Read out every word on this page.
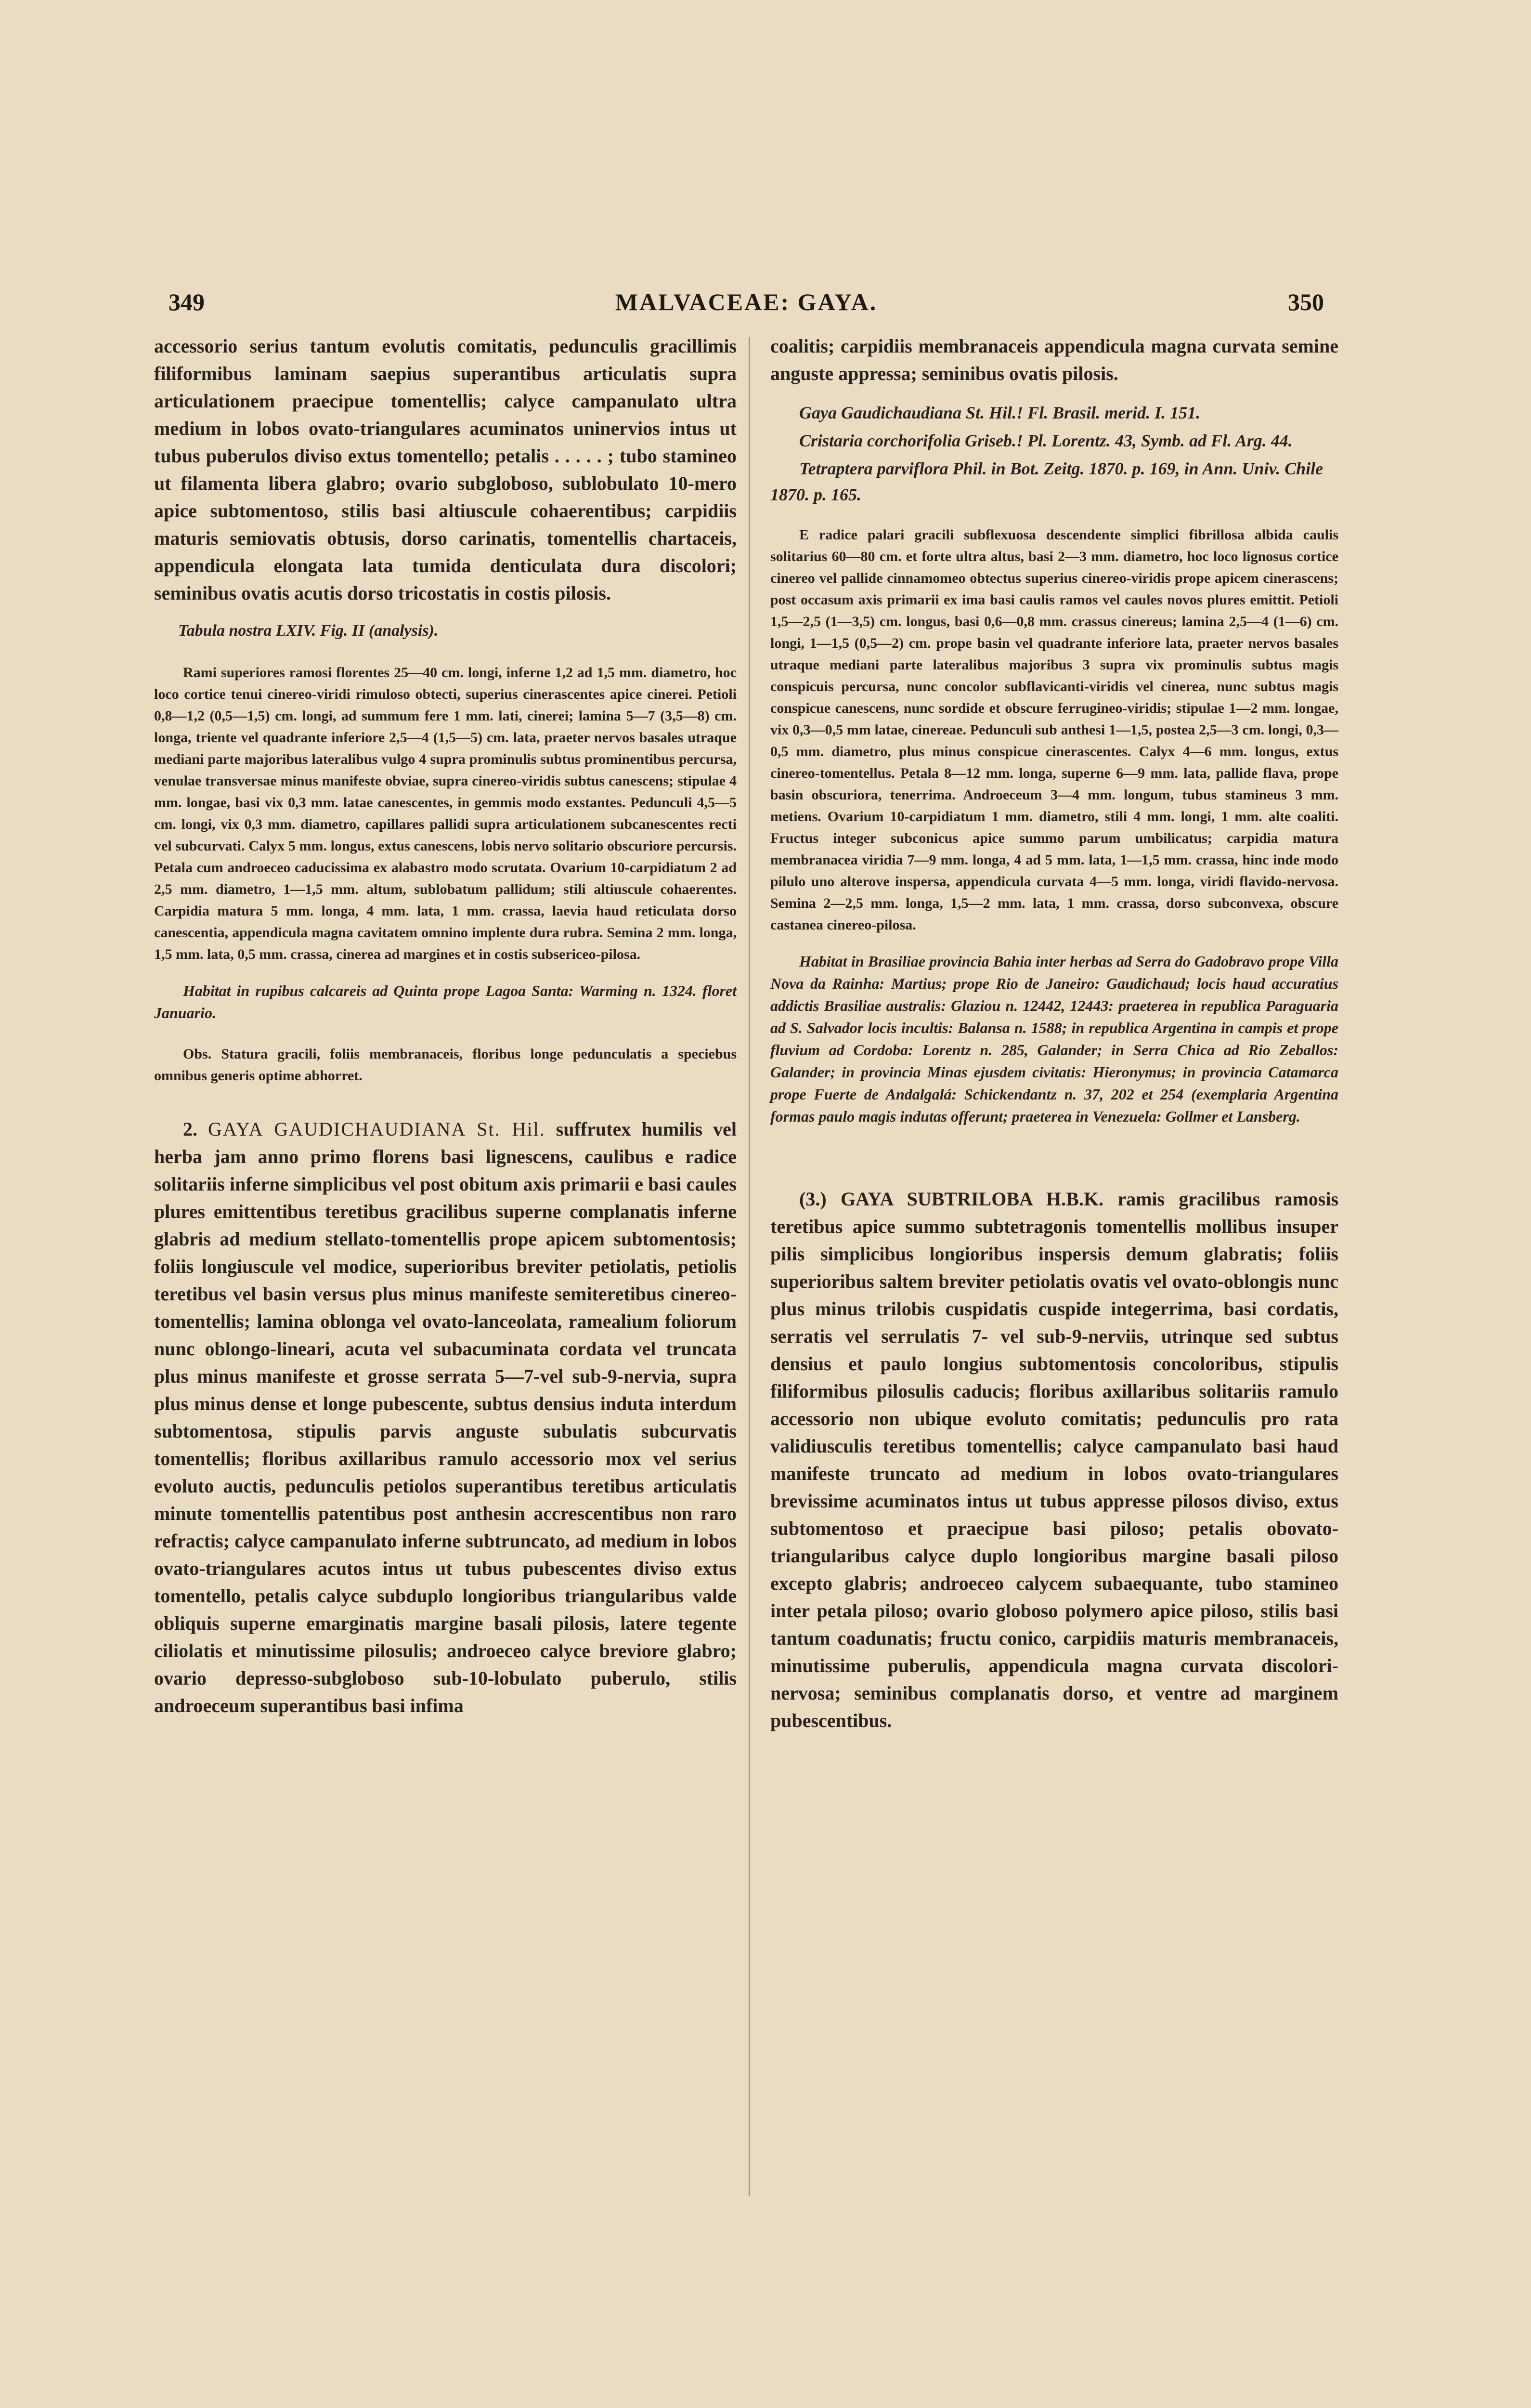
349	MALVACEAE: GAYA.	350

accessorio serius tantum evolutis comitatis, pedunculis gracillimis filiformibus laminam saepius superantibus articulatis supra articulationem praecipue tomentellis; calyce campanulato ultra medium in lobos ovato-triangulares acuminatos uninervios intus ut tubus puberulos diviso extus tomentello; petalis . . . . . ; tubo stamineo ut filamenta libera glabro; ovario subgloboso, sublobulato 10-mero apice subtomentoso, stilis basi altiuscule cohaerentibus; carpidiis maturis semiovatis obtusis, dorso carinatis, tomentellis chartaceis, appendicula elongata lata tumida denticulata dura discolori; seminibus ovatis acutis dorso tricostatis in costis pilosis.

Tabula nostra LXIV. Fig. II (analysis).

Rami superiores ramosi florentes 25—40 cm. longi, inferne 1,2 ad 1,5 mm. diametro, hoc loco cortice tenui cinereo-viridi rimuloso obtecti, superius cinerascentes apice cinerei. Petioli 0,8—1,2 (0,5—1,5) cm. longi, ad summum fere 1 mm. lati, cinerei; lamina 5—7 (3,5—8) cm. longa, triente vel quadrante inferiore 2,5—4 (1,5—5) cm. lata, praeter nervos basales utraque mediani parte majoribus lateralibus vulgo 4 supra prominulis subtus prominentibus percursa, venulae transversae minus manifeste obviae, supra cinereo-viridis subtus canescens; stipulae 4 mm. longae, basi vix 0,3 mm. latae canescentes, in gemmis modo exstantes. Pedunculi 4,5—5 cm. longi, vix 0,3 mm. diametro, capillares pallidi supra articulationem subcanescentes recti vel subcurvati. Calyx 5 mm. longus, extus canescens, lobis nervo solitario obscuriore percursis. Petala cum androeceo caducissima ex alabastro modo scrutata. Ovarium 10-carpidiatum 2 ad 2,5 mm. diametro, 1—1,5 mm. altum, sublobatum pallidum; stili altiuscule cohaerentes. Carpidia matura 5 mm. longa, 4 mm. lata, 1 mm. crassa, laevia haud reticulata dorso canescentia, appendicula magna cavitatem omnino implente dura rubra. Semina 2 mm. longa, 1,5 mm. lata, 0,5 mm. crassa, cinerea ad margines et in costis subsericeo-pilosa.

Habitat in rupibus calcareis ad Quinta prope Lagoa Santa: Warming n. 1324. floret Januario.

Obs. Statura gracili, foliis membranaceis, floribus longe pedunculatis a speciebus omnibus generis optime abhorret.

2. GAYA GAUDICHAUDIANA St. Hil. suffrutex humilis vel herba jam anno primo florens basi lignescens, caulibus e radice solitariis inferne simplicibus vel post obitum axis primarii e basi caules plures emittentibus teretibus gracilibus superne complanatis inferne glabris ad medium stellato-tomentellis prope apicem subtomentosis; foliis longiuscule vel modice, superioribus breviter petiolatis, petiolis teretibus vel basin versus plus minus manifeste semiteretibus cinereo-tomentellis; lamina oblonga vel ovato-lanceolata, ramealium foliorum nunc oblongo-lineari, acuta vel subacuminata cordata vel truncata plus minus manifeste et grosse serrata 5—7-vel sub-9-nervia, supra plus minus dense et longe pubescente, subtus densius induta interdum subtomentosa, stipulis parvis anguste subulatis subcurvatis tomentellis; floribus axillaribus ramulo accessorio mox vel serius evoluto auctis, pedunculis petiolos superantibus teretibus articulatis minute tomentellis patentibus post anthesin accrescentibus non raro refractis; calyce campanulato inferne subtruncato, ad medium in lobos ovato-triangulares acutos intus ut tubus pubescentes diviso extus tomentello, petalis calyce subduplo longioribus triangularibus valde obliquis superne emarginatis margine basali pilosis, latere tegente ciliolatis et minutissime pilosulis; androeceo calyce breviore glabro; ovario depresso-subgloboso sub-10-lobulato puberulo, stilis androeceum superantibus basi infima

coalitis; carpidiis membranaceis appendicula magna curvata semine anguste appressa; seminibus ovatis pilosis.

Gaya Gaudichaudiana St. Hil.! Fl. Brasil. merid. I. 151.

Cristaria corchorifolia Griseb.! Pl. Lorentz. 43, Symb. ad Fl. Arg. 44.

Tetraptera parviflora Phil. in Bot. Zeitg. 1870. p. 169, in Ann. Univ. Chile 1870. p. 165.

E radice palari gracili subflexuosa descendente simplici fibrillosa albida caulis solitarius 60—80 cm. et forte ultra altus, basi 2—3 mm. diametro, hoc loco lignosus cortice cinereo vel pallide cinnamomeo obtectus superius cinereo-viridis prope apicem cinerascens; post occasum axis primarii ex ima basi caulis ramos vel caules novos plures emittit. Petioli 1,5—2,5 (1—3,5) cm. longus, basi 0,6—0,8 mm. crassus cinereus; lamina 2,5—4 (1—6) cm. longi, 1—1,5 (0,5—2) cm. prope basin vel quadrante inferiore lata, praeter nervos basales utraque mediani parte lateralibus majoribus 3 supra vix prominulis subtus magis conspicuis percursa, nunc concolor subflavicanti-viridis vel cinerea, nunc subtus magis conspicue canescens, nunc sordide et obscure ferrugineo-viridis; stipulae 1—2 mm. longae, vix 0,3—0,5 mm latae, cinereae. Pedunculi sub anthesi 1—1,5, postea 2,5—3 cm. longi, 0,3—0,5 mm. diametro, plus minus conspicue cinerascentes. Calyx 4—6 mm. longus, extus cinereo-tomentellus. Petala 8—12 mm. longa, superne 6—9 mm. lata, pallide flava, prope basin obscuriora, tenerrima. Androeceum 3—4 mm. longum, tubus stamineus 3 mm. metiens. Ovarium 10-carpidiatum 1 mm. diametro, stili 4 mm. longi, 1 mm. alte coaliti. Fructus integer subconicus apice summo parum umbilicatus; carpidia matura membranacea viridia 7—9 mm. longa, 4 ad 5 mm. lata, 1—1,5 mm. crassa, hinc inde modo pilulo uno alterove inspersa, appendicula curvata 4—5 mm. longa, viridi flavido-nervosa. Semina 2—2,5 mm. longa, 1,5—2 mm. lata, 1 mm. crassa, dorso subconvexa, obscure castanea cinereo-pilosa.

Habitat in Brasiliae provincia Bahia inter herbas ad Serra do Gadobravo prope Villa Nova da Rainha: Martius; prope Rio de Janeiro: Gaudichaud; locis haud accuratius addictis Brasiliae australis: Glaziou n. 12442, 12443: praeterea in republica Paraguaria ad S. Salvador locis incultis: Balansa n. 1588; in republica Argentina in campis et prope fluvium ad Cordoba: Lorentz n. 285, Galander; in Serra Chica ad Rio Zeballos: Galander; in provincia Minas ejusdem civitatis: Hieronymus; in provincia Catamarca prope Fuerte de Andalgalá: Schickendantz n. 37, 202 et 254 (exemplaria Argentina formas paulo magis indutas offerunt; praeterea in Venezuela: Gollmer et Lansberg.

(3.) GAYA SUBTRILOBA H.B.K. ramis gracilibus ramosis teretibus apice summo subtetragonis tomentellis mollibus insuper pilis simplicibus longioribus inspersis demum glabratis; foliis superioribus saltem breviter petiolatis ovatis vel ovato-oblongis nunc plus minus trilobis cuspidatis cuspide integerrima, basi cordatis, serratis vel serrulatis 7- vel sub-9-nerviis, utrinque sed subtus densius et paulo longius subtomentosis concoloribus, stipulis filiformibus pilosulis caducis; floribus axillaribus solitariis ramulo accessorio non ubique evoluto comitatis; pedunculis pro rata validiusculis teretibus tomentellis; calyce campanulato basi haud manifeste truncato ad medium in lobos ovato-triangulares brevissime acuminatos intus ut tubus appresse pilosos diviso, extus subtomentoso et praecipue basi piloso; petalis obovato-triangularibus calyce duplo longioribus margine basali piloso excepto glabris; androeceo calycem subaequante, tubo stamineo inter petala piloso; ovario globoso polymero apice piloso, stilis basi tantum coadunatis; fructu conico, carpidiis maturis membranaceis, minutissime puberulis, appendicula magna curvata discolori-nervosa; seminibus complanatis dorso, et ventre ad marginem pubescentibus.
